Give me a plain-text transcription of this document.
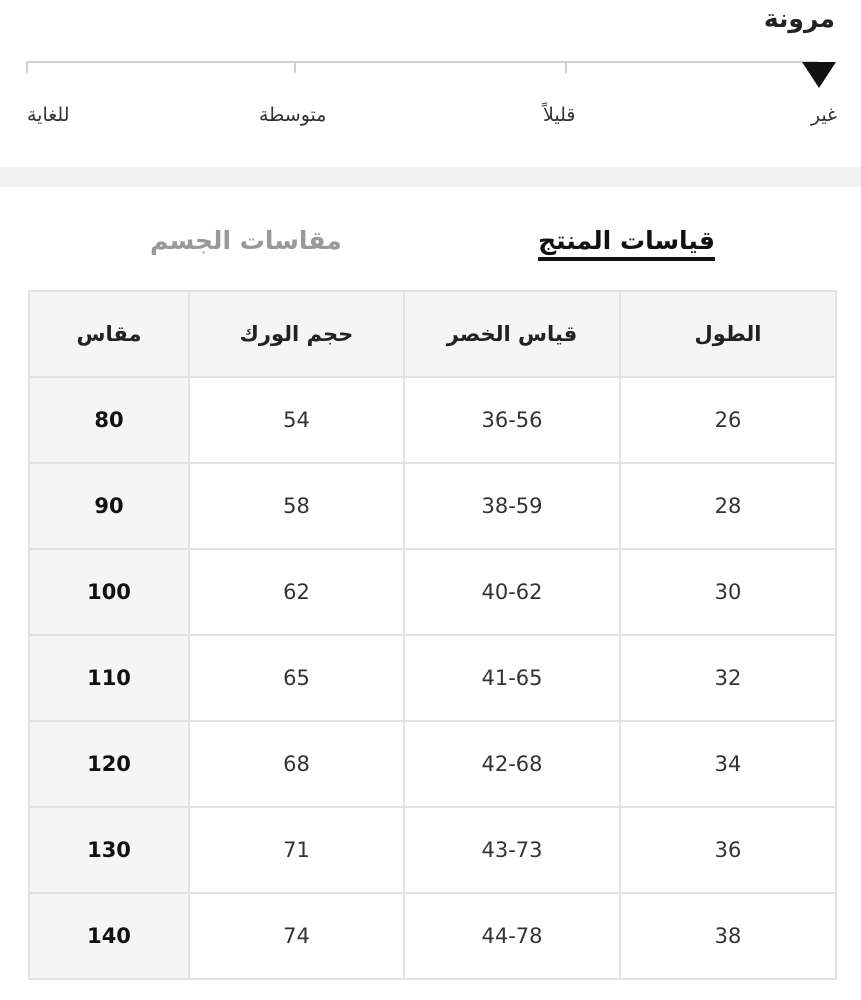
مرونة
غير
قليلاً
متوسطة
للغاية
قياسات المنتج
مقاسات الجسم
مقاس	حجم الورك	قياس الخصر	الطول
80	54	36-56	26
90	58	38-59	28
100	62	40-62	30
110	65	41-65	32
120	68	42-68	34
130	71	43-73	36
140	74	44-78	38
